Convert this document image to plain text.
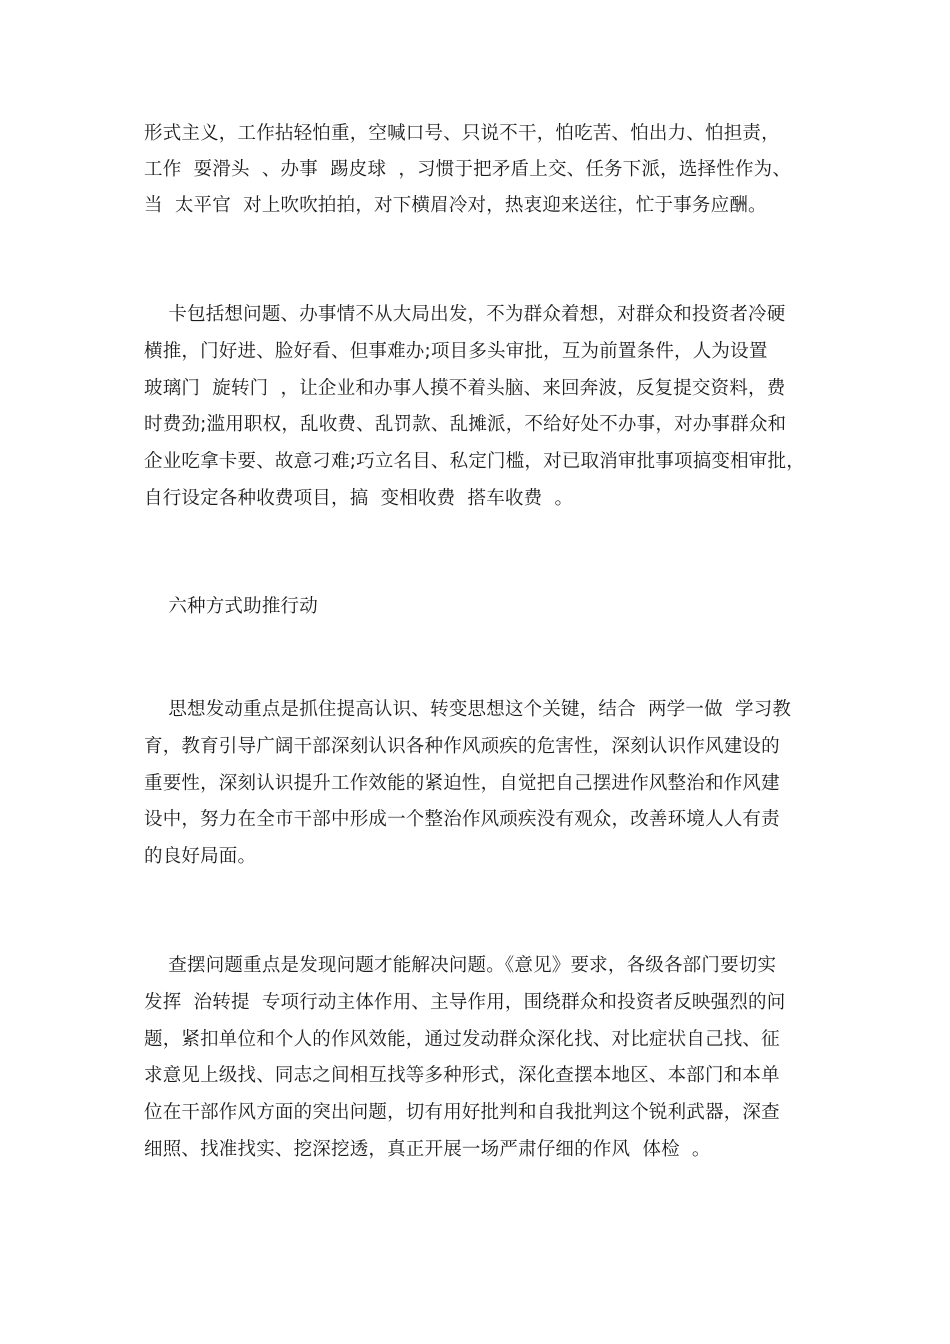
形式主义，工作拈轻怕重，空喊口号、只说不干，怕吃苦、怕出力、怕担责，
工作  耍滑头  、办事  踢皮球  ，习惯于把矛盾上交、任务下派，选择性作为、
当  太平官  对上吹吹拍拍，对下横眉冷对，热衷迎来送往，忙于事务应酬。
卡包括想问题、办事情不从大局出发，不为群众着想，对群众和投资者冷硬
横推，门好进、脸好看、但事难办;项目多头审批，互为前置条件，人为设置
玻璃门  旋转门  ，让企业和办事人摸不着头脑、来回奔波，反复提交资料，费
时费劲;滥用职权，乱收费、乱罚款、乱摊派，不给好处不办事，对办事群众和
企业吃拿卡要、故意刁难;巧立名目、私定门槛，对已取消审批事项搞变相审批，
自行设定各种收费项目，搞  变相收费  搭车收费  。
六种方式助推行动
思想发动重点是抓住提高认识、转变思想这个关键，结合  两学一做  学习教
育，教育引导广阔干部深刻认识各种作风顽疾的危害性，深刻认识作风建设的
重要性，深刻认识提升工作效能的紧迫性，自觉把自己摆进作风整治和作风建
设中，努力在全市干部中形成一个整治作风顽疾没有观众，改善环境人人有责
的良好局面。
查摆问题重点是发现问题才能解决问题。《意见》要求，各级各部门要切实
发挥  治转提  专项行动主体作用、主导作用，围绕群众和投资者反映强烈的问
题，紧扣单位和个人的作风效能，通过发动群众深化找、对比症状自己找、征
求意见上级找、同志之间相互找等多种形式，深化查摆本地区、本部门和本单
位在干部作风方面的突出问题，切有用好批判和自我批判这个锐利武器，深查
细照、找准找实、挖深挖透，真正开展一场严肃仔细的作风  体检  。
